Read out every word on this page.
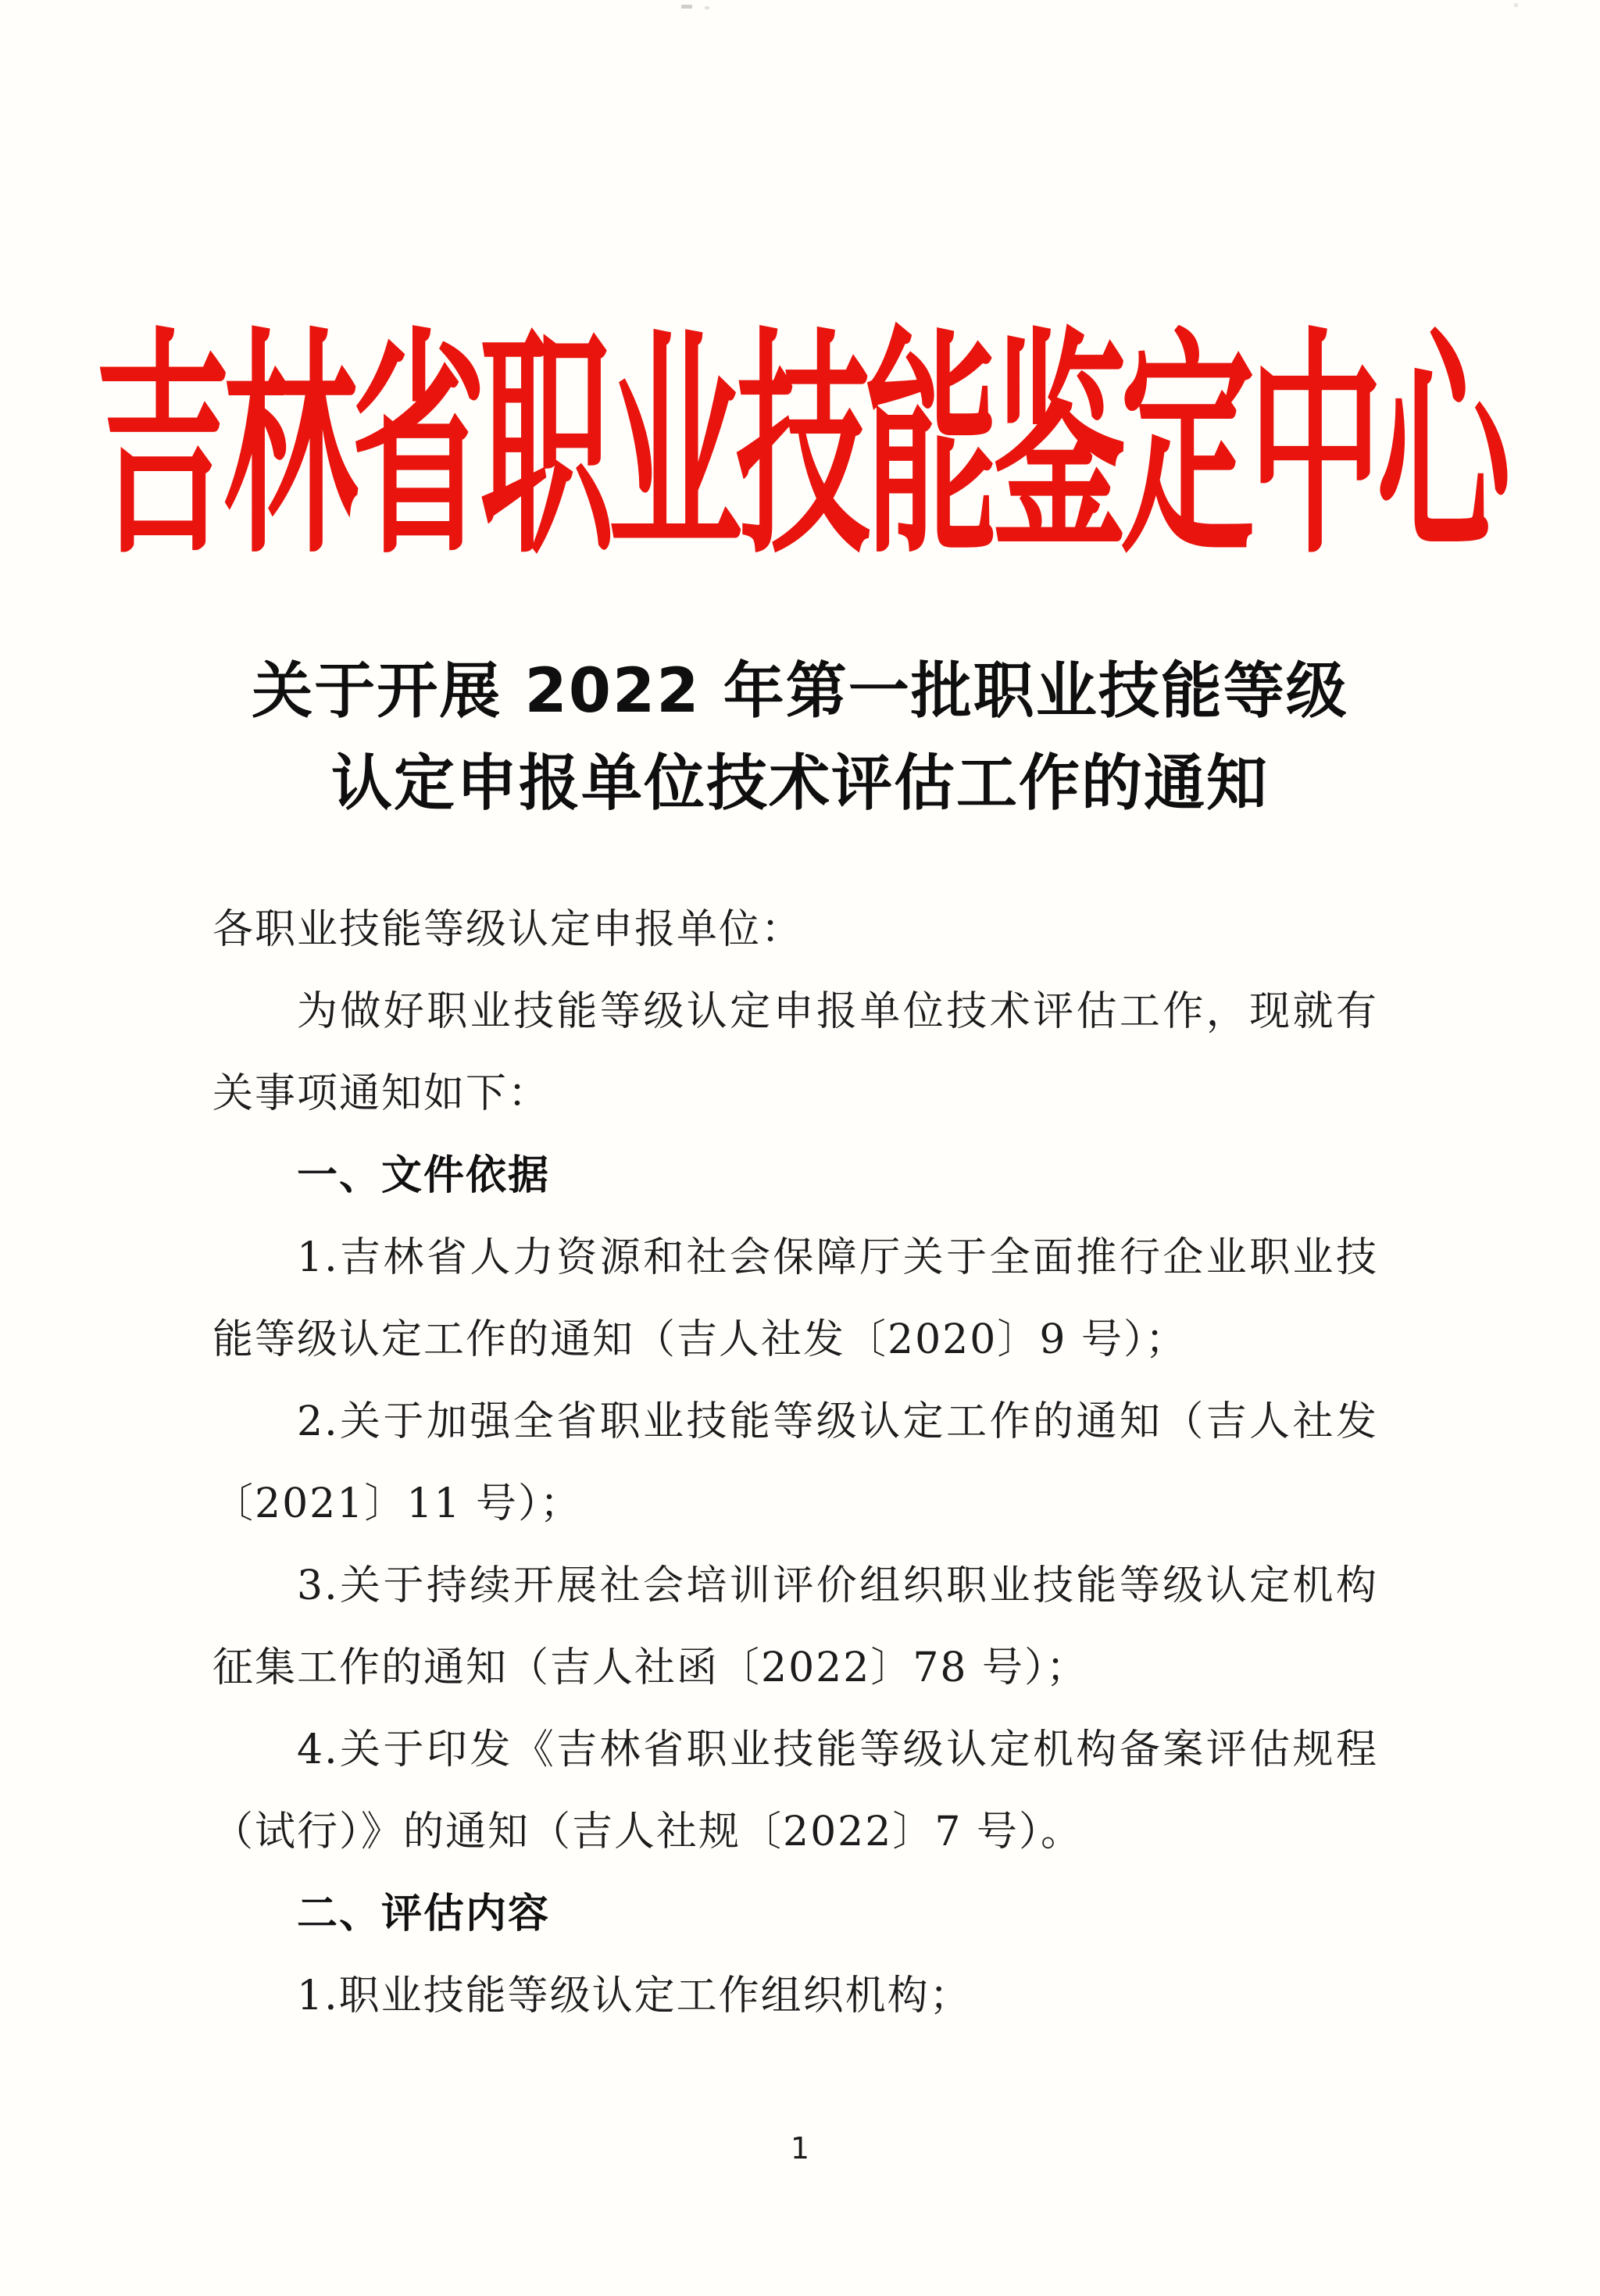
吉林省职业技能鉴定中心
关于开展 2022 年第一批职业技能等级
认定申报单位技术评估工作的通知

各职业技能等级认定申报单位：

为做好职业技能等级认定申报单位技术评估工作，现就有关事项通知如下：

一、文件依据

1.吉林省人力资源和社会保障厅关于全面推行企业职业技能等级认定工作的通知（吉人社发〔2020〕9 号）；

2.关于加强全省职业技能等级认定工作的通知（吉人社发〔2021〕11 号）；

3.关于持续开展社会培训评价组织职业技能等级认定机构征集工作的通知（吉人社函〔2022〕78 号）；

4.关于印发《吉林省职业技能等级认定机构备案评估规程（试行）》的通知（吉人社规〔2022〕7 号）。

二、评估内容

1.职业技能等级认定工作组织机构；

1
